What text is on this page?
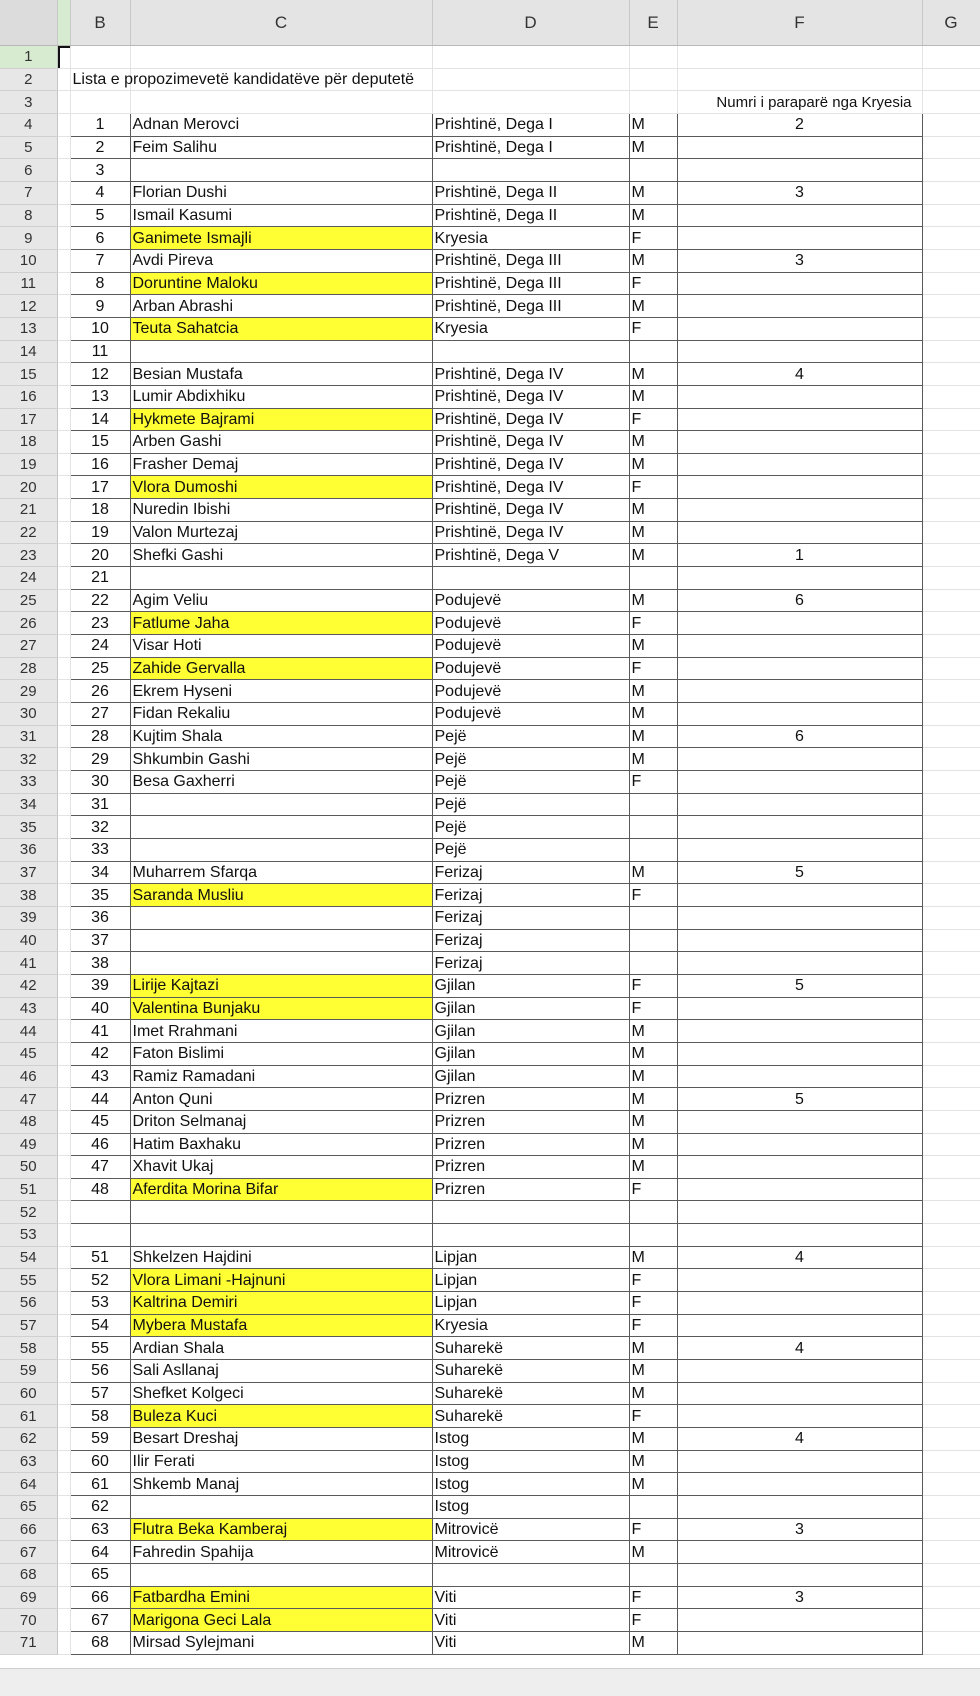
		B	C	D	E	F	G
1							
2		Lista e propozimevetë kandidatëve për deputetë					

3						Numri i paraparë nga Kryesia	
4		1	Adnan Merovci	Prishtinë, Dega I	M	2	
5		2	Feim Salihu	Prishtinë, Dega I	M		
6		3					
7		4	Florian Dushi	Prishtinë, Dega II	M	3	
8		5	Ismail Kasumi	Prishtinë, Dega II	M		
9		6	Ganimete Ismajli	Kryesia	F		
10		7	Avdi Pireva	Prishtinë, Dega III	M	3	
11		8	Doruntine Maloku	Prishtinë, Dega III	F		
12		9	Arban Abrashi	Prishtinë, Dega III	M		
13		10	Teuta Sahatcia	Kryesia	F		
14		11					
15		12	Besian Mustafa	Prishtinë, Dega IV	M	4	
16		13	Lumir Abdixhiku	Prishtinë, Dega IV	M		
17		14	Hykmete Bajrami	Prishtinë, Dega IV	F		
18		15	Arben Gashi	Prishtinë, Dega IV	M		
19		16	Frasher Demaj	Prishtinë, Dega IV	M		
20		17	Vlora Dumoshi	Prishtinë, Dega IV	F		
21		18	Nuredin Ibishi	Prishtinë, Dega IV	M		
22		19	Valon Murtezaj	Prishtinë, Dega IV	M		
23		20	Shefki Gashi	Prishtinë, Dega V	M	1	
24		21					
25		22	Agim Veliu	Podujevë	M	6	
26		23	Fatlume Jaha	Podujevë	F		
27		24	Visar Hoti	Podujevë	M		
28		25	Zahide Gervalla	Podujevë	F		
29		26	Ekrem Hyseni	Podujevë	M		
30		27	Fidan Rekaliu	Podujevë	M		
31		28	Kujtim Shala	Pejë	M	6	
32		29	Shkumbin Gashi	Pejë	M		
33		30	Besa Gaxherri	Pejë	F		
34		31		Pejë			
35		32		Pejë			
36		33		Pejë			
37		34	Muharrem Sfarqa	Ferizaj	M	5	
38		35	Saranda Musliu	Ferizaj	F		
39		36		Ferizaj			
40		37		Ferizaj			
41		38		Ferizaj			
42		39	Lirije Kajtazi	Gjilan	F	5	
43		40	Valentina Bunjaku	Gjilan	F		
44		41	Imet Rrahmani	Gjilan	M		
45		42	Faton Bislimi	Gjilan	M		
46		43	Ramiz Ramadani	Gjilan	M		
47		44	Anton Quni	Prizren	M	5	
48		45	Driton Selmanaj	Prizren	M		
49		46	Hatim Baxhaku	Prizren	M		
50		47	Xhavit Ukaj	Prizren	M		
51		48	Aferdita Morina Bifar	Prizren	F		
52							
53							
54		51	Shkelzen Hajdini	Lipjan	M	4	
55		52	Vlora Limani -Hajnuni	Lipjan	F		
56		53	Kaltrina Demiri	Lipjan	F		
57		54	Mybera Mustafa	Kryesia	F		
58		55	Ardian Shala	Suharekë	M	4	
59		56	Sali Asllanaj	Suharekë	M		
60		57	Shefket Kolgeci	Suharekë	M		
61		58	Buleza Kuci	Suharekë	F		
62		59	Besart Dreshaj	Istog	M	4	
63		60	Ilir Ferati	Istog	M		
64		61	Shkemb Manaj	Istog	M		
65		62		Istog			
66		63	Flutra Beka Kamberaj	Mitrovicë	F	3	
67		64	Fahredin Spahija	Mitrovicë	M		
68		65					
69		66	Fatbardha Emini	Viti	F	3	
70		67	Marigona Geci Lala	Viti	F		
71		68	Mirsad Sylejmani	Viti	M		
